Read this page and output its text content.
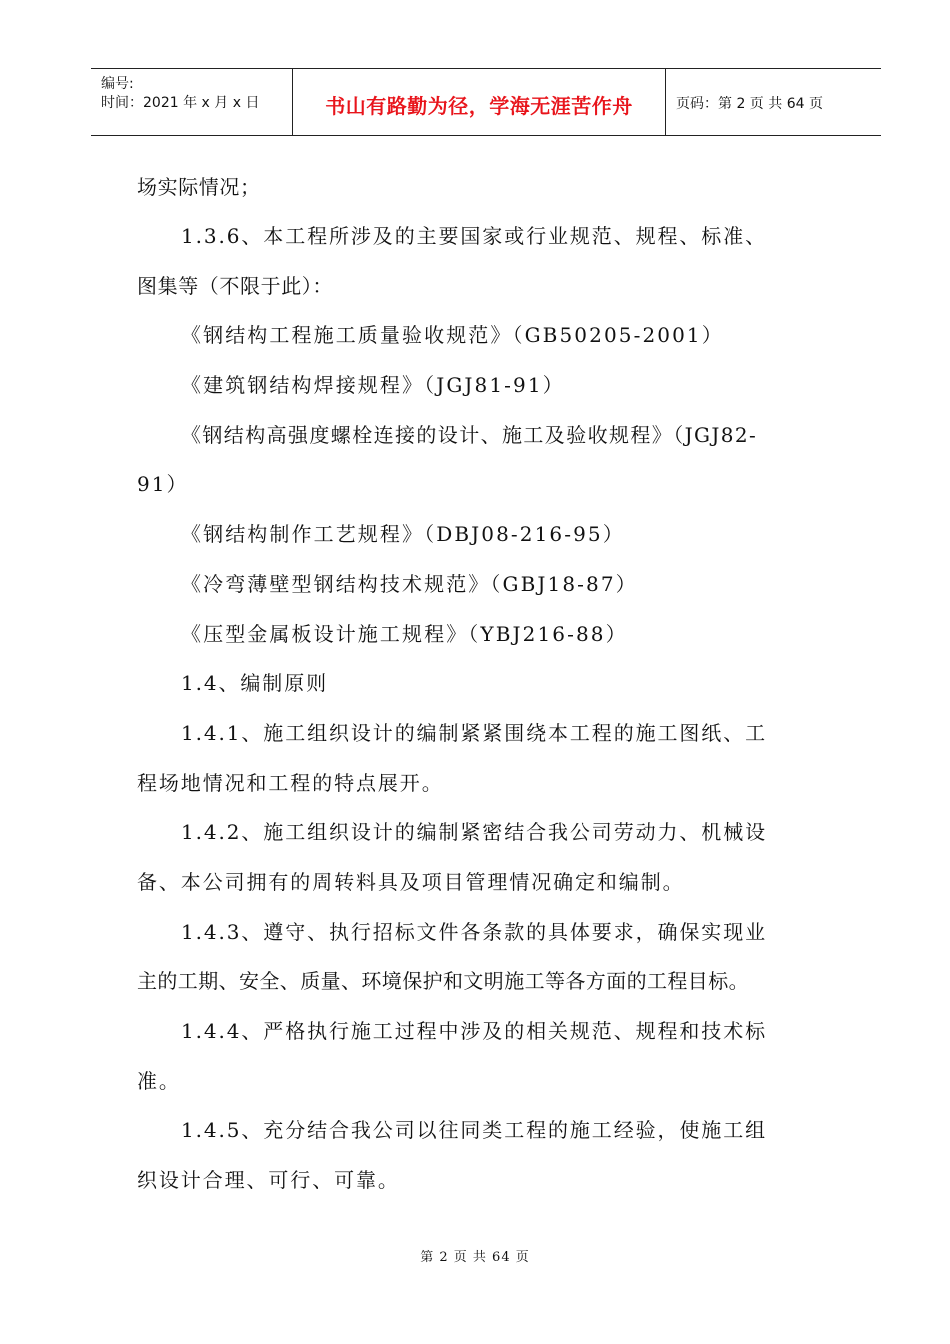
编号:
时间：2021 年 x 月 x 日	书山有路勤为径，学海无涯苦作舟	页码：第 2 页 共 64 页
场实际情况；
1.3.6、本工程所涉及的主要国家或行业规范、规程、标准、
图集等（不限于此）：
《钢结构工程施工质量验收规范》（GB50205-2001）
《建筑钢结构焊接规程》（JGJ81-91）
《钢结构高强度螺栓连接的设计、施工及验收规程》（JGJ82-
91）
《钢结构制作工艺规程》（DBJ08-216-95）
《冷弯薄壁型钢结构技术规范》（GBJ18-87）
《压型金属板设计施工规程》（YBJ216-88）
1.4、编制原则
1.4.1、施工组织设计的编制紧紧围绕本工程的施工图纸、工
程场地情况和工程的特点展开。
1.4.2、施工组织设计的编制紧密结合我公司劳动力、机械设
备、本公司拥有的周转料具及项目管理情况确定和编制。
1.4.3、遵守、执行招标文件各条款的具体要求，确保实现业
主的工期、安全、质量、环境保护和文明施工等各方面的工程目标。
1.4.4、严格执行施工过程中涉及的相关规范、规程和技术标
准。
1.4.5、充分结合我公司以往同类工程的施工经验，使施工组
织设计合理、可行、可靠。
第 2 页 共 64 页
